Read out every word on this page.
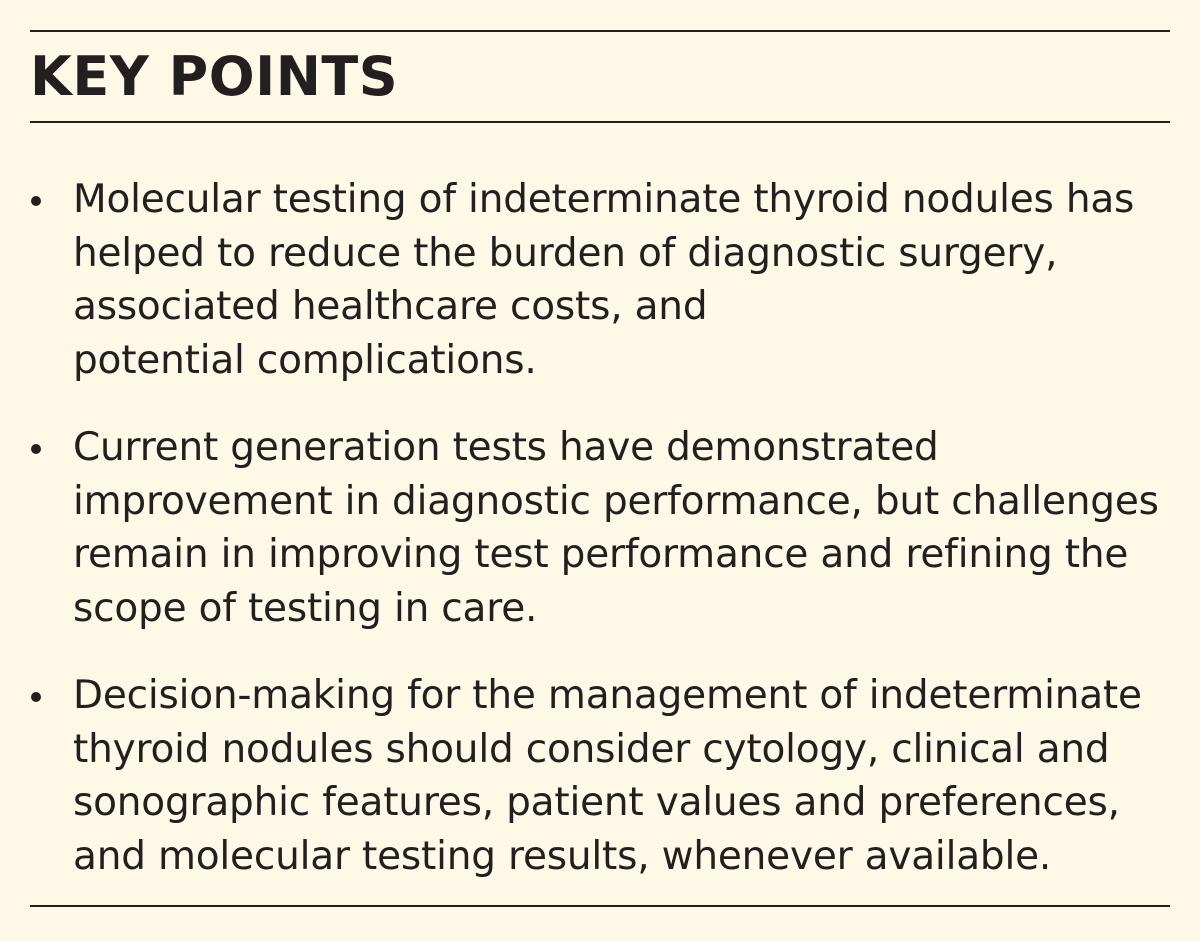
KEY POINTS
Molecular testing of indeterminate thyroid nodules has
helped to reduce the burden of diagnostic surgery,
associated healthcare costs, and
potential complications.
Current generation tests have demonstrated
improvement in diagnostic performance, but challenges
remain in improving test performance and refining the
scope of testing in care.
Decision-making for the management of indeterminate
thyroid nodules should consider cytology, clinical and
sonographic features, patient values and preferences,
and molecular testing results, whenever available.
